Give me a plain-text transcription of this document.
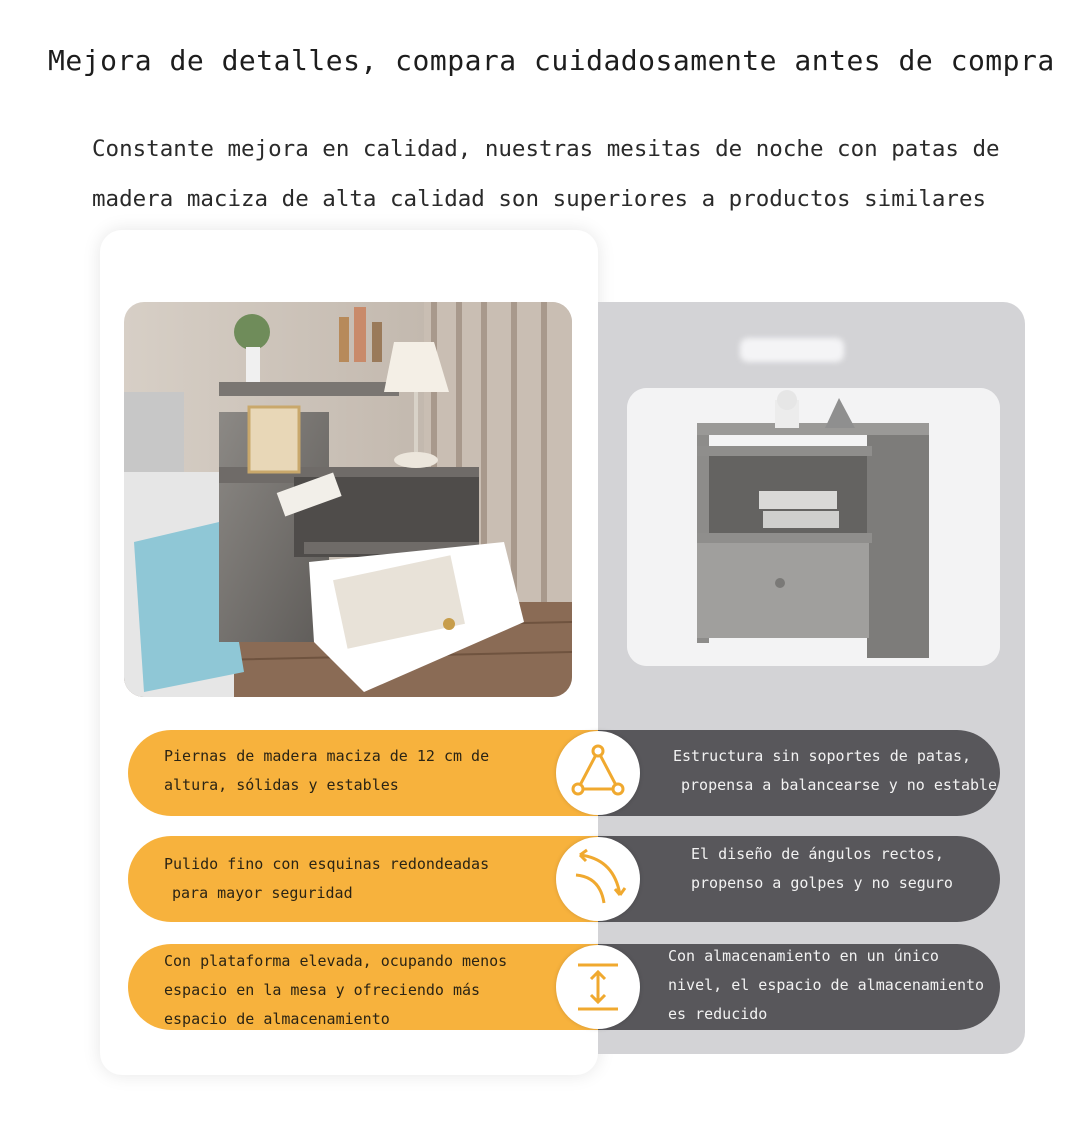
Mejora de detalles, compara cuidadosamente antes de compra
Constante mejora en calidad, nuestras mesitas de noche con patas de
madera maciza de alta calidad son superiores a productos similares
Piernas de madera maciza de 12 cm de
altura, sólidas y estables
Estructura sin soportes de patas,
propensa a balancearse y no estable
Pulido fino con esquinas redondeadas
para mayor seguridad
El diseño de ángulos rectos,
propenso a golpes y no seguro
Con plataforma elevada, ocupando menos
espacio en la mesa y ofreciendo más
espacio de almacenamiento
Con almacenamiento en un único
nivel, el espacio de almacenamiento
es reducido
